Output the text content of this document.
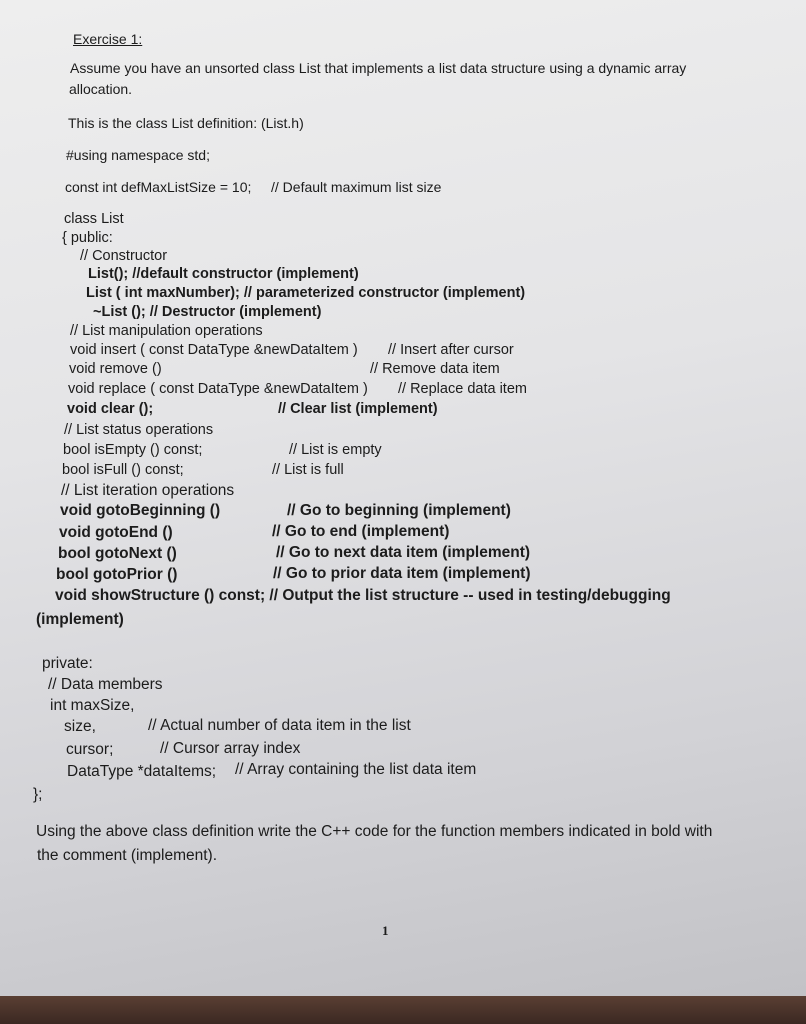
Exercise 1:
Assume you have an unsorted class List that implements a list data structure using a dynamic array
allocation.
This is the class List definition: (List.h)
#using namespace std;
const int defMaxListSize = 10; // Default maximum list size
class List
{ public:
// Constructor
List(); //default constructor (implement)
List ( int maxNumber); // parameterized constructor (implement)
~List (); // Destructor (implement)
// List manipulation operations
void insert ( const DataType &newDataItem ) // Insert after cursor
void remove ()	// Remove data item
void replace ( const DataType &newDataItem ) // Replace data item
void clear ();	// Clear list (implement)
// List status operations
bool isEmpty () const;	// List is empty
bool isFull () const;	// List is full
// List iteration operations
void gotoBeginning ()	// Go to beginning (implement)
void gotoEnd ()	// Go to end (implement)
bool gotoNext ()	// Go to next data item (implement)
bool gotoPrior ()	// Go to prior data item (implement)
void showStructure () const; // Output the list structure -- used in testing/debugging
(implement)
private:
// Data members
int maxSize,
size,	// Actual number of data item in the list
cursor;	// Cursor array index
DataType *dataItems; // Array containing the list data item
};
Using the above class definition write the C++ code for the function members indicated in bold with
the comment (implement).
1
